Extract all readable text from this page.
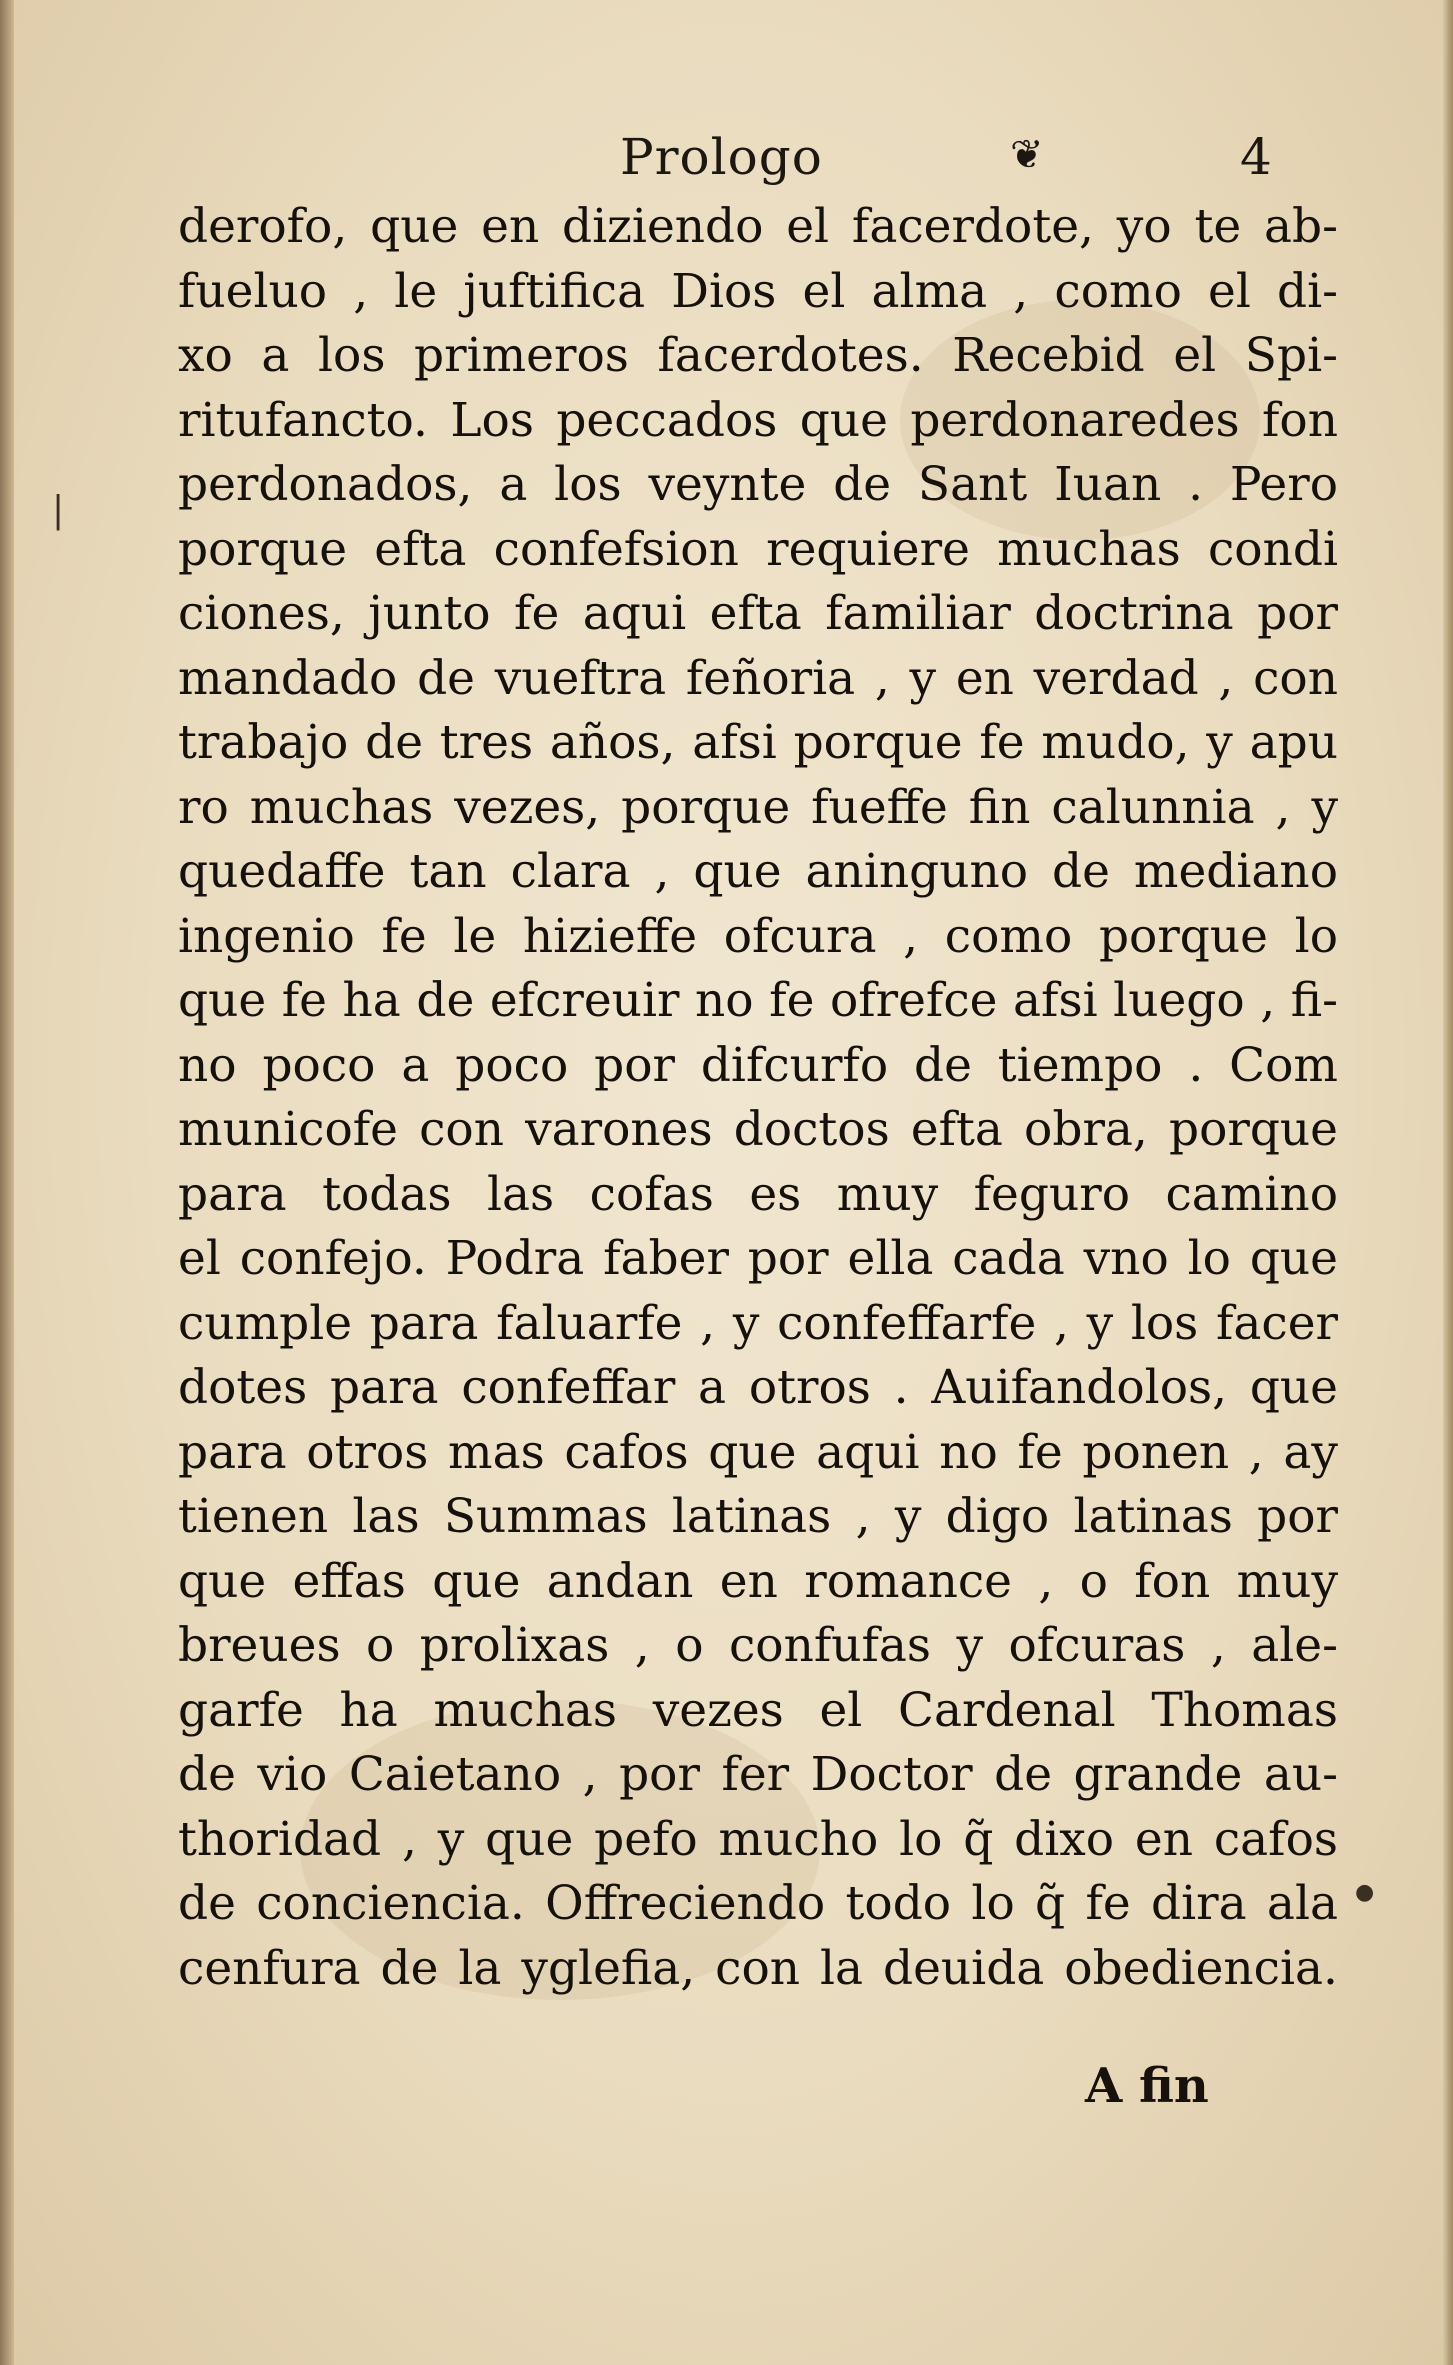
Prologo	❦	4
derofo, que en diziendo el facerdote, yo te ab-
fueluo , le juftifica Dios el alma , como el di-
xo a los primeros facerdotes. Recebid el Spi-
ritufancto. Los peccados que perdonaredes fon
perdonados, a los veynte de Sant Iuan . Pero
porque efta confefsion requiere muchas condi
ciones, junto fe aqui efta familiar doctrina por
mandado de vueftra feñoria , y en verdad , con
trabajo de tres años, afsi porque fe mudo, y apu
ro muchas vezes, porque fueffe fin calunnia , y
quedaffe tan clara , que aninguno de mediano
ingenio fe le hizieffe ofcura , como porque lo
que fe ha de efcreuir no fe ofrefce afsi luego , fi-
no poco a poco por difcurfo de tiempo . Com
municofe con varones doctos efta obra, porque
para todas las cofas es muy feguro camino
el confejo. Podra faber por ella cada vno lo que
cumple para faluarfe , y confeffarfe , y los facer
dotes para confeffar a otros . Auifandolos, que
para otros mas cafos que aqui no fe ponen , ay
tienen las Summas latinas , y digo latinas por
que effas que andan en romance , o fon muy
breues o prolixas , o confufas y ofcuras , ale-
garfe ha muchas vezes el Cardenal Thomas
de vio Caietano , por fer Doctor de grande au-
thoridad , y que pefo mucho lo q̃ dixo en cafos
de conciencia. Offreciendo todo lo q̃ fe dira ala
cenfura de la yglefia, con la deuida obediencia.
A fin
|
●
